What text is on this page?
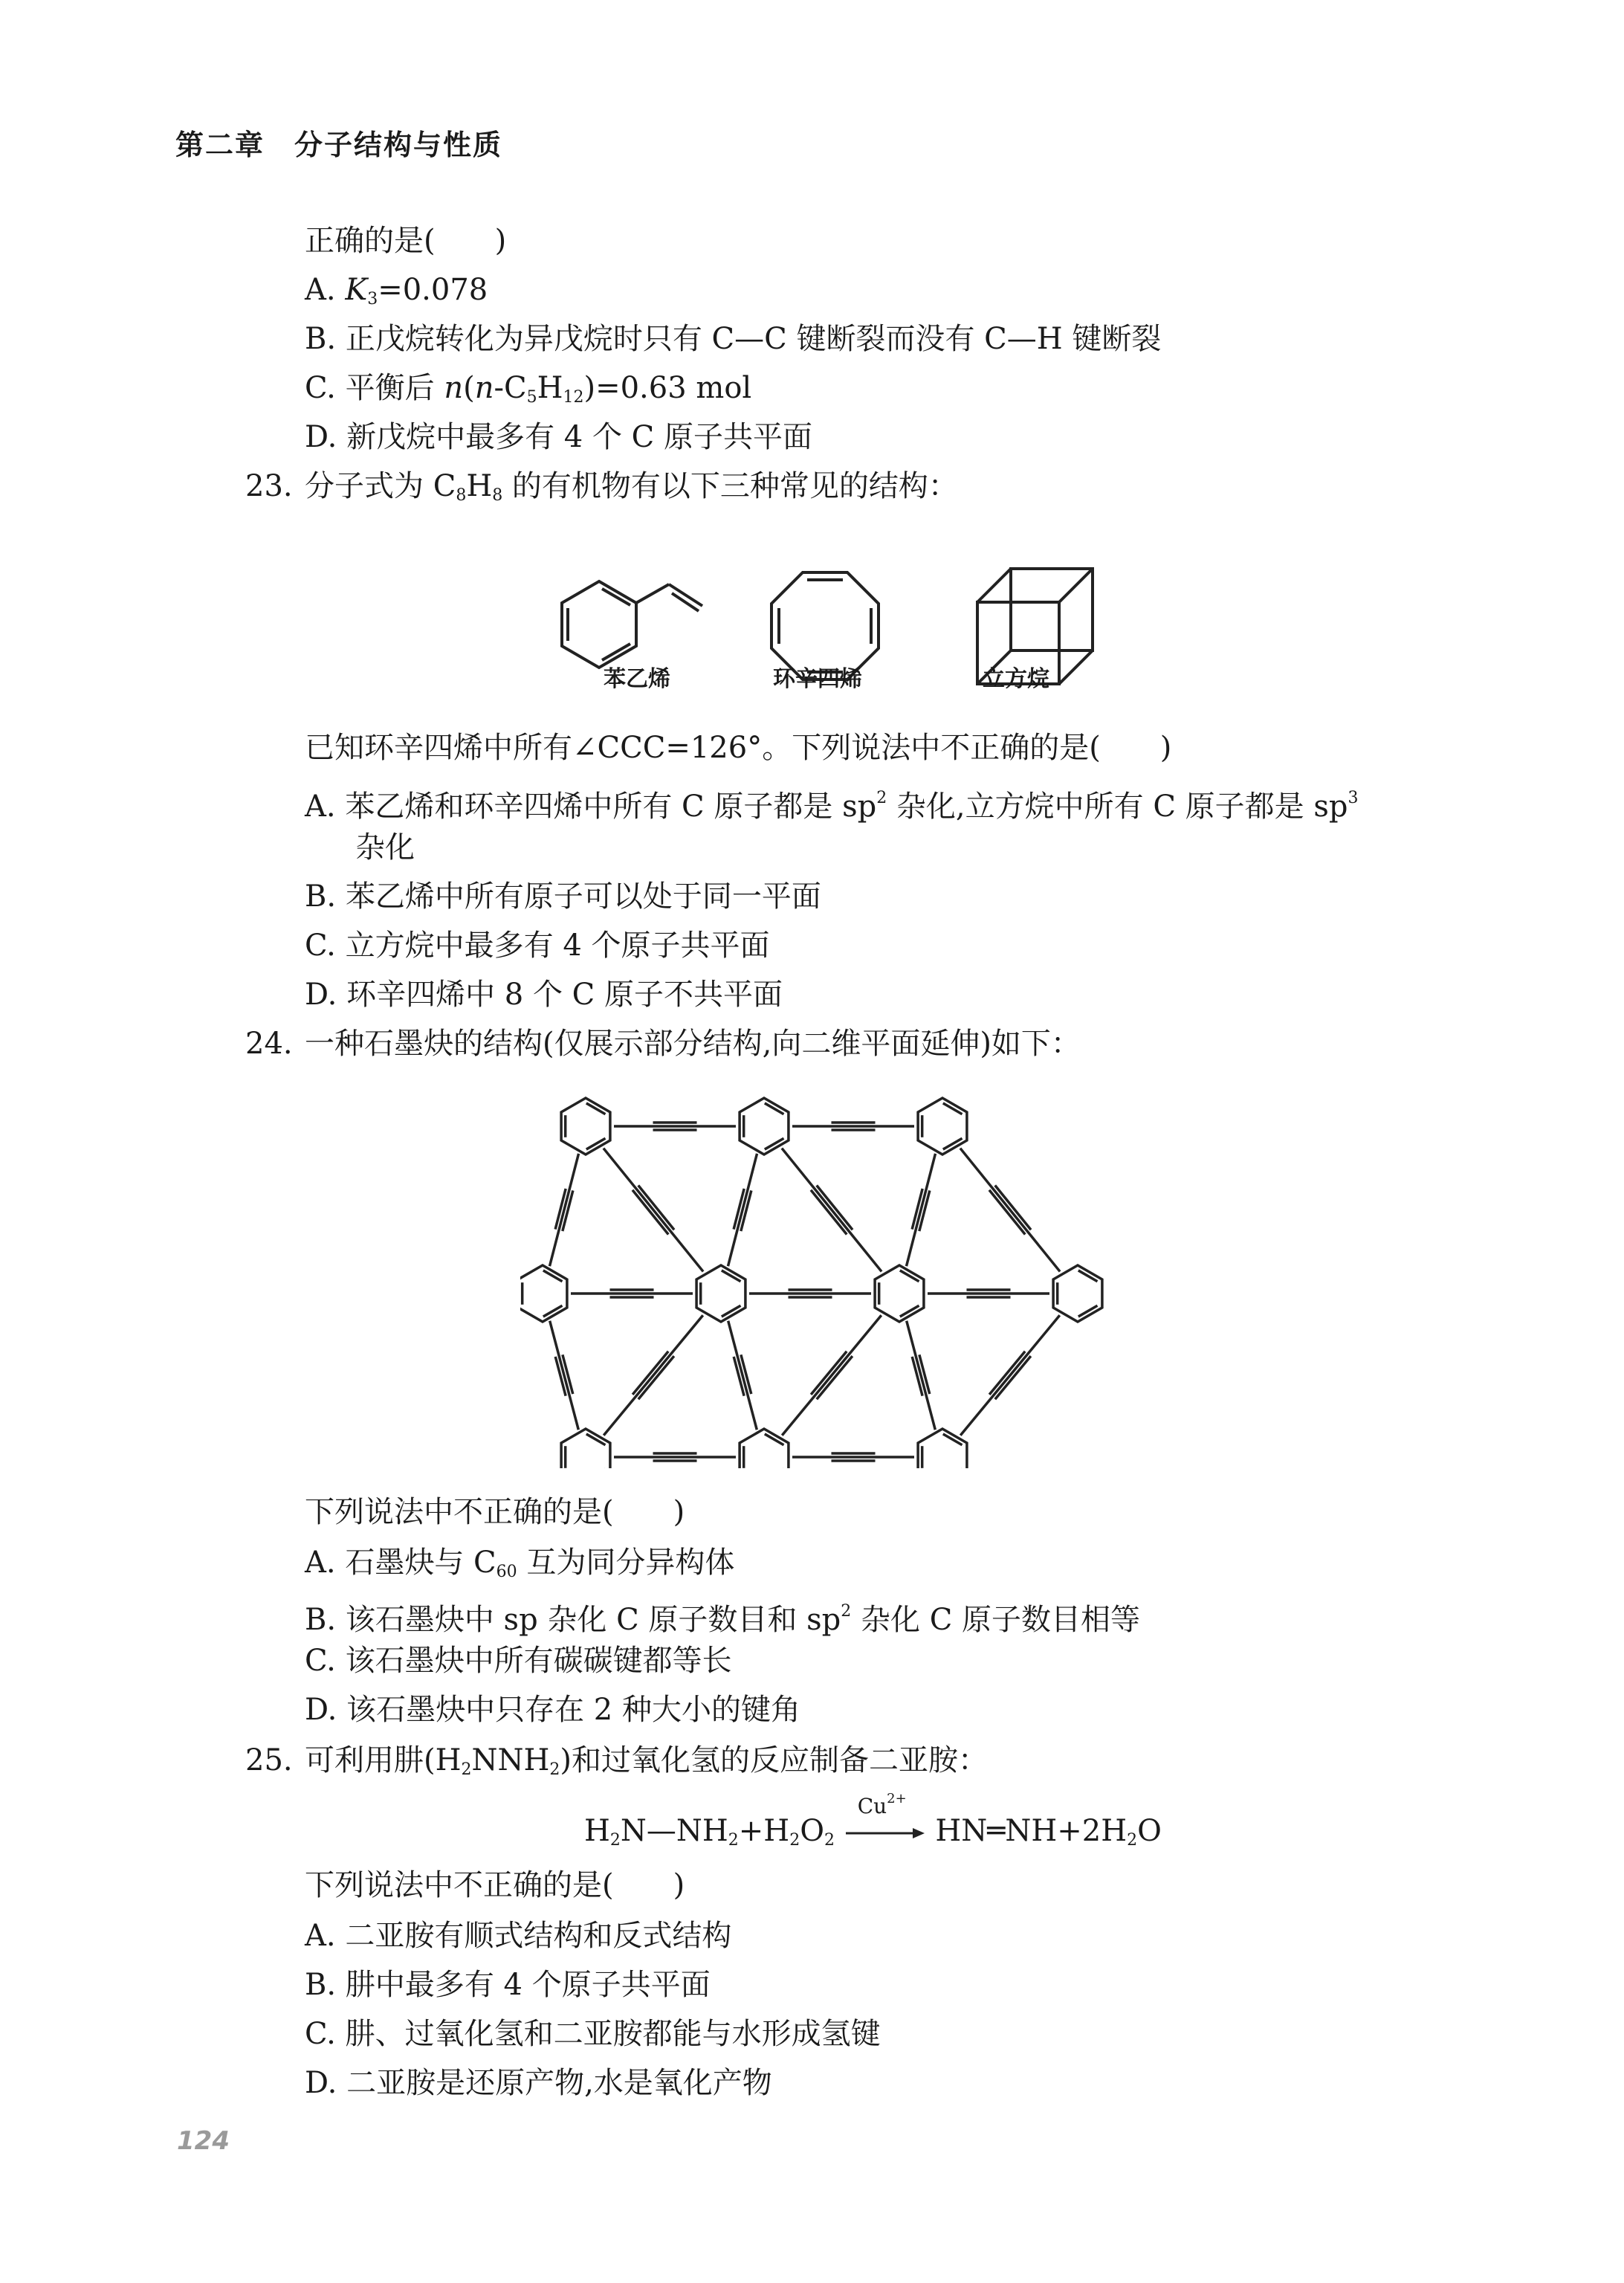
第二章　分子结构与性质
正确的是(　　)
A. $K_3=0.078$
B. 正戊烷转化为异戊烷时只有 C—C 键断裂而没有 C—H 键断裂
C. 平衡后 $n(n-C_5H_{12})=0.63$ mol
D. 新戊烷中最多有 4 个 C 原子共平面
23. 分子式为 $C_8H_8$ 的有机物有以下三种常见的结构：
苯乙烯	环辛四烯	立方烷
已知环辛四烯中所有∠CCC=126°。下列说法中不正确的是(　　)
A. 苯乙烯和环辛四烯中所有 C 原子都是 $sp^2$ 杂化,立方烷中所有 C 原子都是 $sp^3$
杂化
B. 苯乙烯中所有原子可以处于同一平面
C. 立方烷中最多有 4 个原子共平面
D. 环辛四烯中 8 个 C 原子不共平面
24. 一种石墨炔的结构(仅展示部分结构,向二维平面延伸)如下：
下列说法中不正确的是(　　)
A. 石墨炔与 $C_{60}$ 互为同分异构体
B. 该石墨炔中 sp 杂化 C 原子数目和 $sp^2$ 杂化 C 原子数目相等
C. 该石墨炔中所有碳碳键都等长
D. 该石墨炔中只存在 2 种大小的键角
25. 可利用肼$(H_2NNH_2)$和过氧化氢的反应制备二亚胺：
$H_2N—NH_2+H_2O_2$
$Cu^{2+}$
$HN═NH+2H_2O$
下列说法中不正确的是(　　)
A. 二亚胺有顺式结构和反式结构
B. 肼中最多有 4 个原子共平面
C. 肼、过氧化氢和二亚胺都能与水形成氢键
D. 二亚胺是还原产物,水是氧化产物
124
